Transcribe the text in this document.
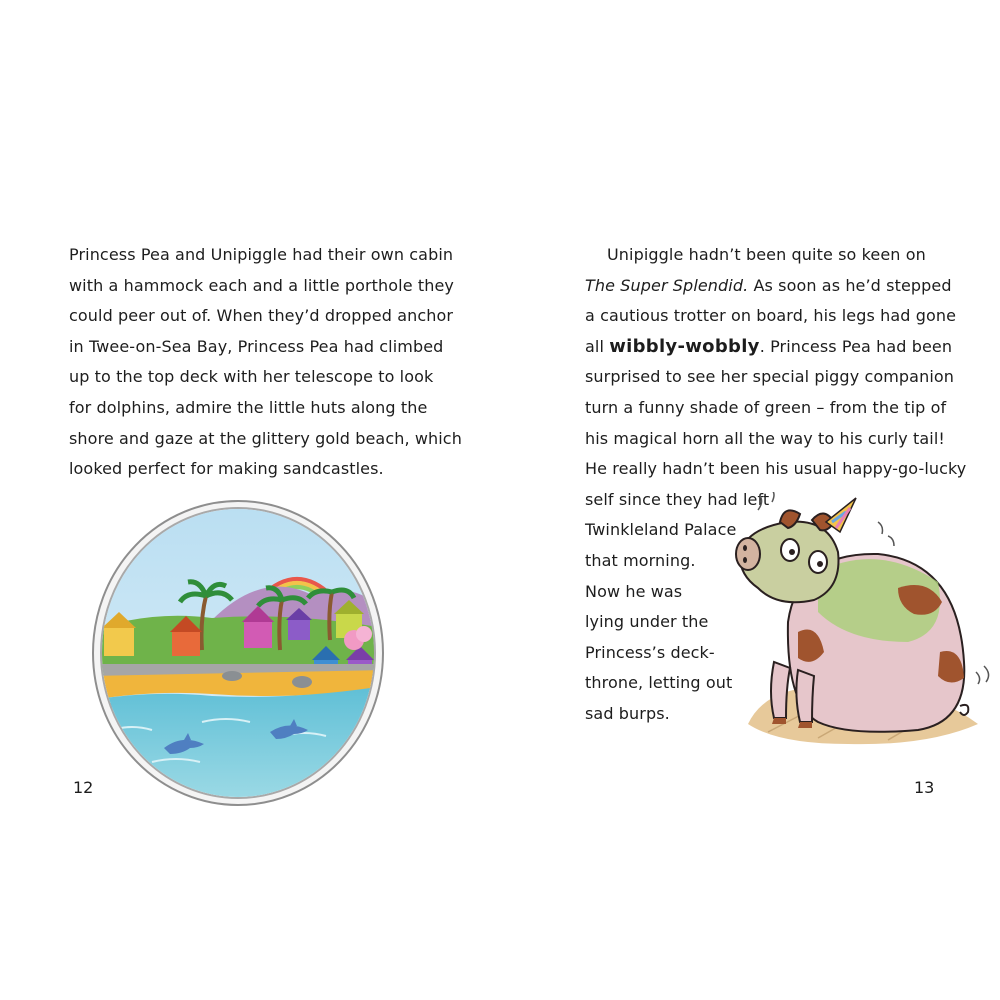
Princess Pea and Unipiggle had their own cabin
with a hammock each and a little porthole they
could peer out of. When they’d dropped anchor
in Twee-on-Sea Bay, Princess Pea had climbed
up to the top deck with her telescope to look
for dolphins, admire the little huts along the
shore and gaze at the glittery gold beach, which
looked perfect for making sandcastles.

12

Unipiggle hadn’t been quite so keen on
The Super Splendid. As soon as he’d stepped
a cautious trotter on board, his legs had gone
all wibbly-wobbly. Princess Pea had been
surprised to see her special piggy companion
turn a funny shade of green – from the tip of
his magical horn all the way to his curly tail!
He really hadn’t been his usual happy-go-lucky
self since they had left
Twinkleland Palace
that morning.
Now he was
lying under the
Princess’s deck-
throne, letting out
sad burps.

13
